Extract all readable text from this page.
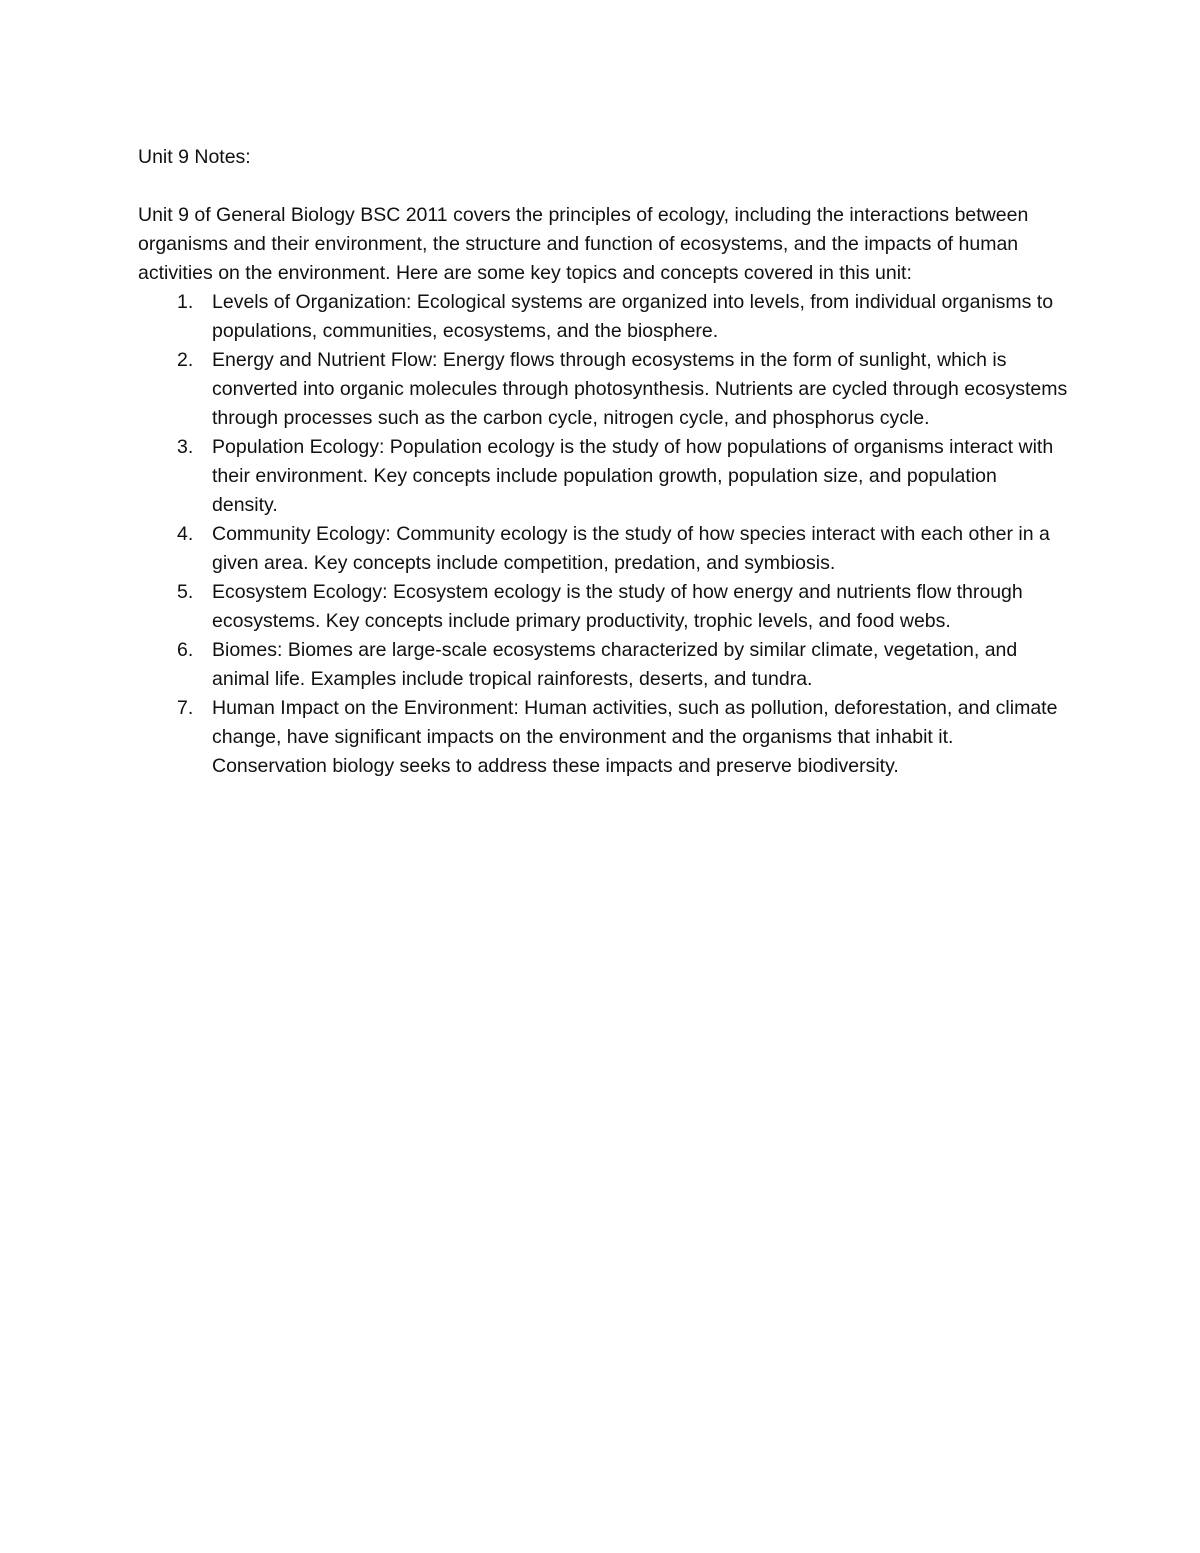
Unit 9 Notes:

Unit 9 of General Biology BSC 2011 covers the principles of ecology, including the interactions between organisms and their environment, the structure and function of ecosystems, and the impacts of human activities on the environment. Here are some key topics and concepts covered in this unit:

1. Levels of Organization: Ecological systems are organized into levels, from individual organisms to populations, communities, ecosystems, and the biosphere.
2. Energy and Nutrient Flow: Energy flows through ecosystems in the form of sunlight, which is converted into organic molecules through photosynthesis. Nutrients are cycled through ecosystems through processes such as the carbon cycle, nitrogen cycle, and phosphorus cycle.
3. Population Ecology: Population ecology is the study of how populations of organisms interact with their environment. Key concepts include population growth, population size, and population density.
4. Community Ecology: Community ecology is the study of how species interact with each other in a given area. Key concepts include competition, predation, and symbiosis.
5. Ecosystem Ecology: Ecosystem ecology is the study of how energy and nutrients flow through ecosystems. Key concepts include primary productivity, trophic levels, and food webs.
6. Biomes: Biomes are large-scale ecosystems characterized by similar climate, vegetation, and animal life. Examples include tropical rainforests, deserts, and tundra.
7. Human Impact on the Environment: Human activities, such as pollution, deforestation, and climate change, have significant impacts on the environment and the organisms that inhabit it. Conservation biology seeks to address these impacts and preserve biodiversity.
